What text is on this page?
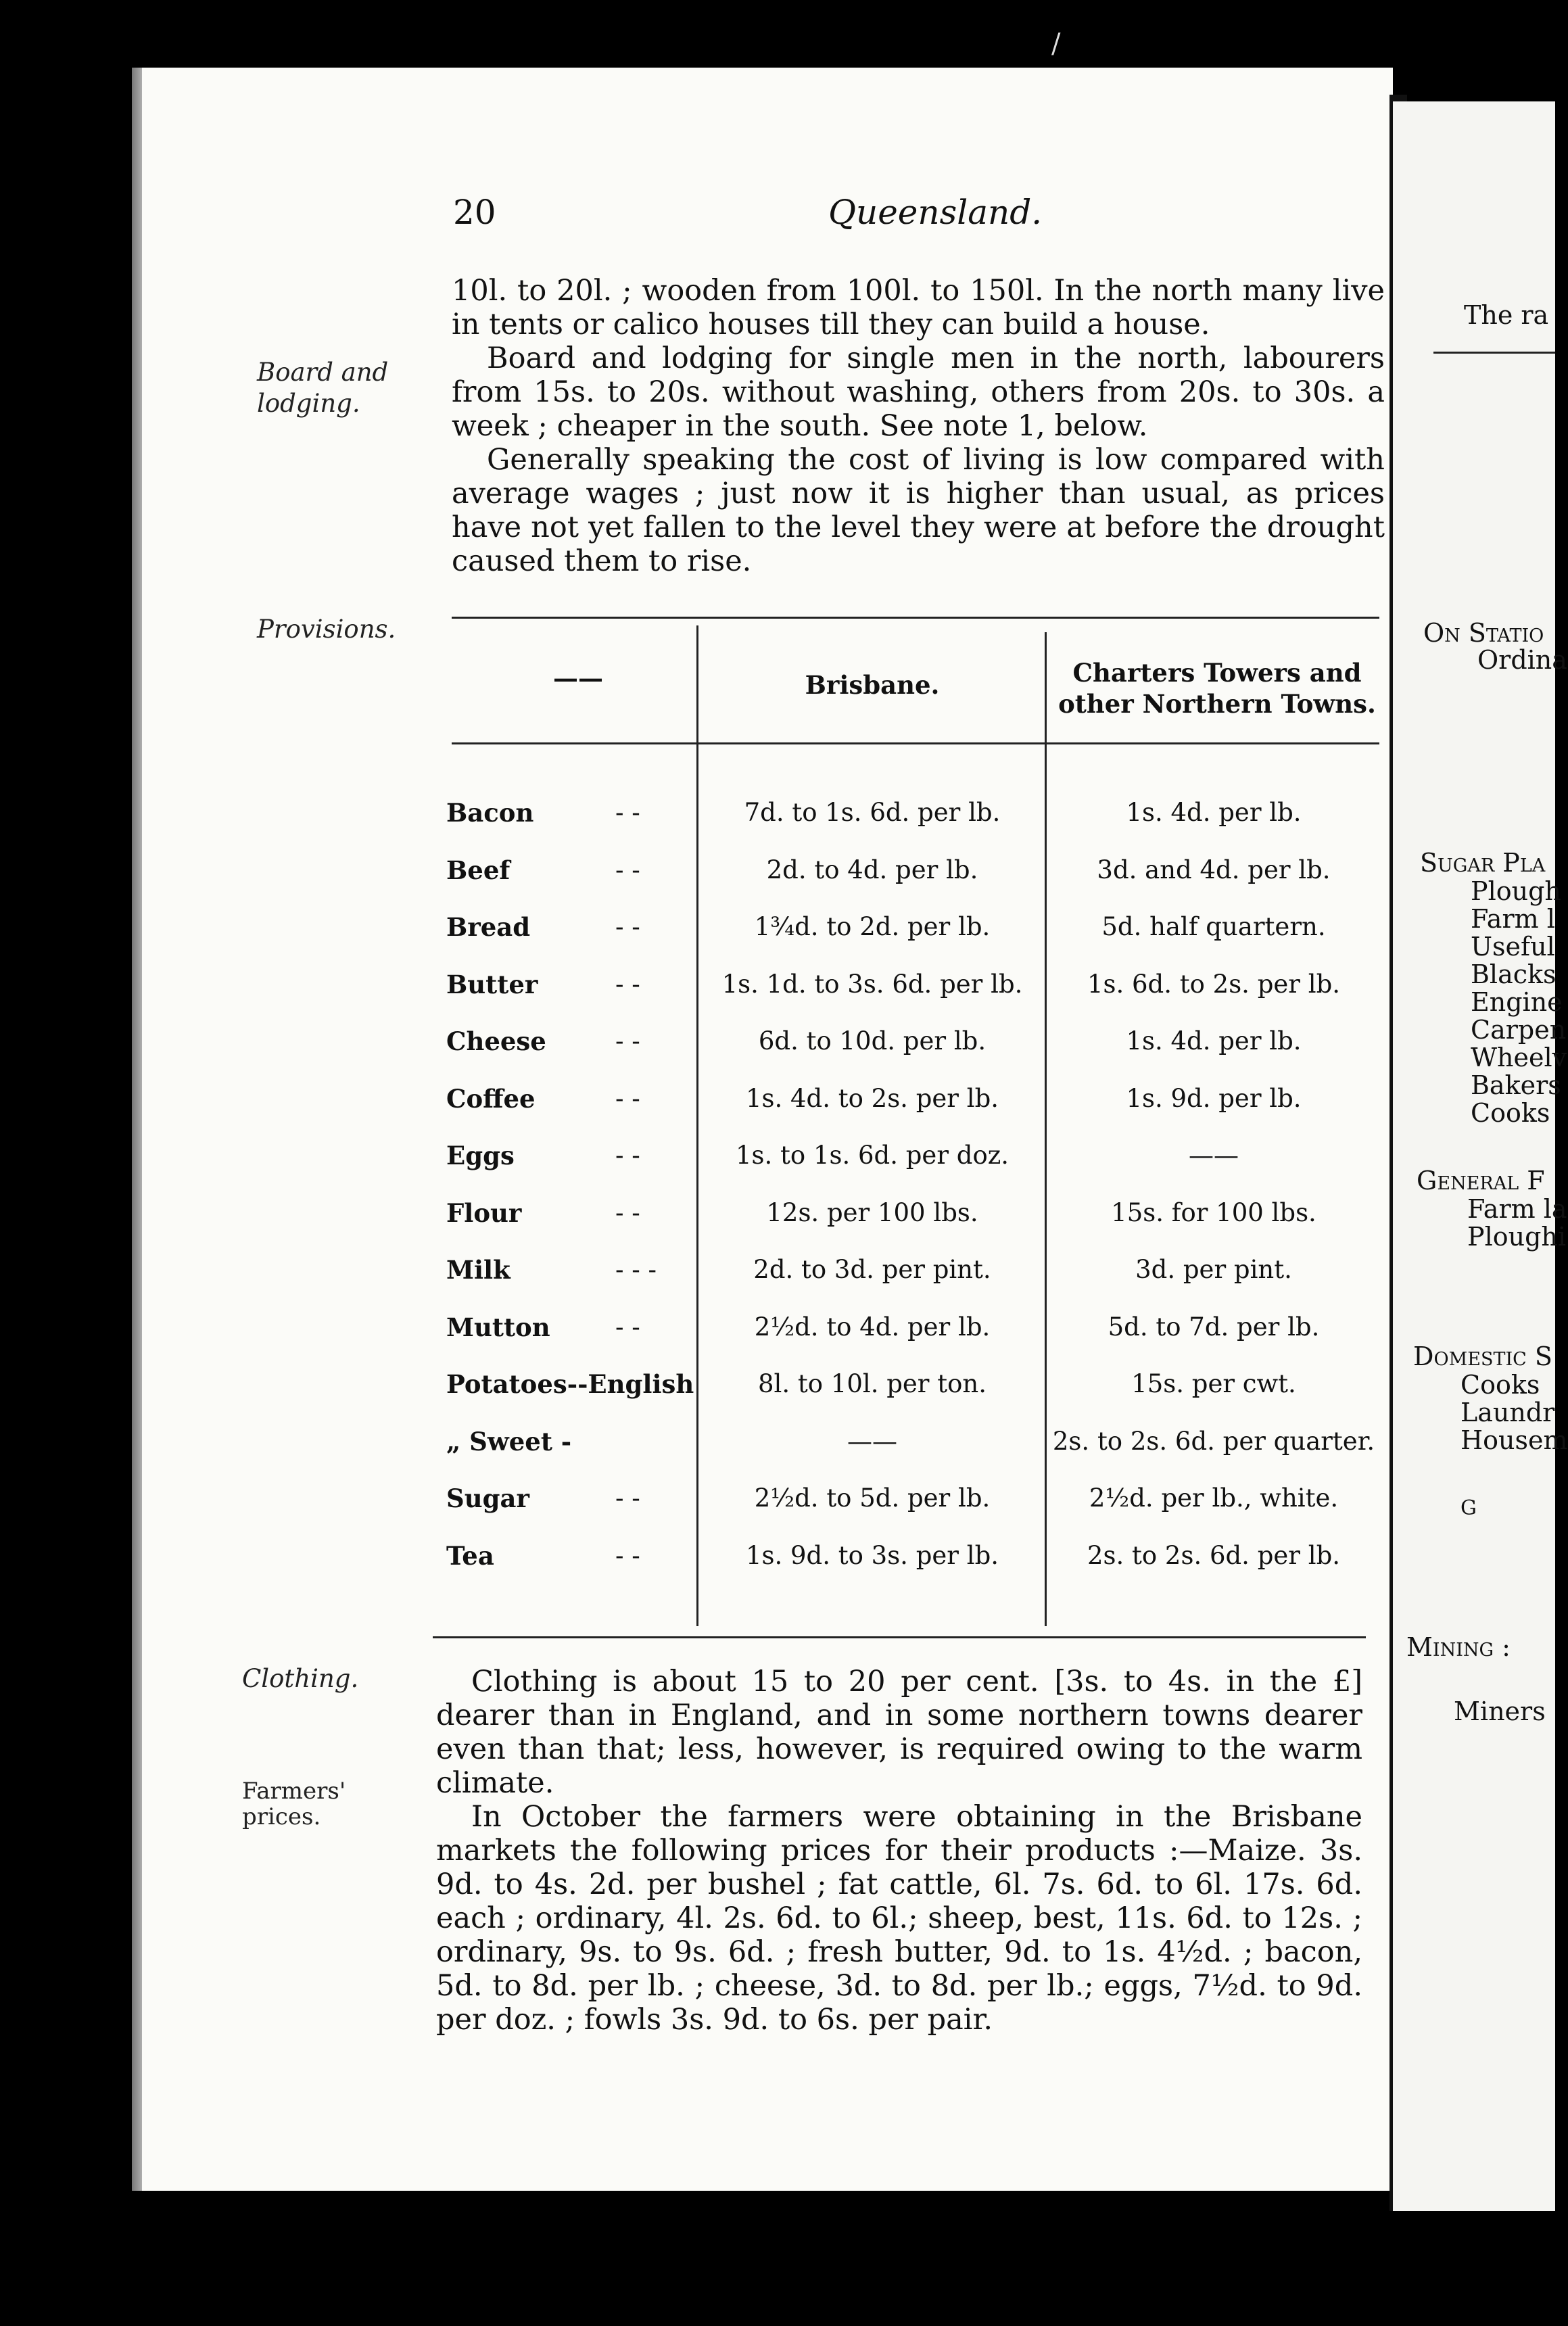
The ra
On Statio
Ordina
Sugar Pla
Plough
Farm l
Useful
Blacks
Engine
Carpen
Wheelv
Bakers
Cooks
General F
Farm la
Ploughi
Domestic S
Cooks
Laundr
Housem
G
Mining :
Miners
/
20	Queensland.
Board and lodging.
Provisions.
Clothing.
Farmers' prices.

10l. to 20l. ; wooden from 100l. to 150l. In the north many live in tents or calico houses till they can build a house.

Board and lodging for single men in the north, labourers from 15s. to 20s. without washing, others from 20s. to 30s. a week ; cheaper in the south. See note 1, below.

Generally speaking the cost of living is low compared with average wages ; just now it is higher than usual, as prices have not yet fallen to the level they were at before the drought caused them to rise.

——	Brisbane.	Charters Towers and other Northern Towns.
Bacon	- -	7d. to 1s. 6d. per lb.	1s. 4d. per lb.
Beef	- -	2d. to 4d. per lb.	3d. and 4d. per lb.
Bread	- -	1¾d. to 2d. per lb.	5d. half quartern.
Butter	- -	1s. 1d. to 3s. 6d. per lb.	1s. 6d. to 2s. per lb.
Cheese	- -	6d. to 10d. per lb.	1s. 4d. per lb.
Coffee	- -	1s. 4d. to 2s. per lb.	1s. 9d. per lb.
Eggs	- -	1s. to 1s. 6d. per doz.	——
Flour	- -	12s. per 100 lbs.	15s. for 100 lbs.
Milk	- - -	2d. to 3d. per pint.	3d. per pint.
Mutton	- -	2½d. to 4d. per lb.	5d. to 7d. per lb.
Potatoes--English	8l. to 10l. per ton.	15s. per cwt.
„ Sweet -	——	2s. to 2s. 6d. per quarter.
Sugar	- -	2½d. to 5d. per lb.	2½d. per lb., white.
Tea	- -	1s. 9d. to 3s. per lb.	2s. to 2s. 6d. per lb.

Clothing is about 15 to 20 per cent. [3s. to 4s. in the £] dearer than in England, and in some northern towns dearer even than that; less, however, is required owing to the warm climate.

In October the farmers were obtaining in the Brisbane markets the following prices for their products :—Maize. 3s. 9d. to 4s. 2d. per bushel ; fat cattle, 6l. 7s. 6d. to 6l. 17s. 6d. each ; ordinary, 4l. 2s. 6d. to 6l.; sheep, best, 11s. 6d. to 12s. ; ordinary, 9s. to 9s. 6d. ; fresh butter, 9d. to 1s. 4½d. ; bacon, 5d. to 8d. per lb. ; cheese, 3d. to 8d. per lb.; eggs, 7½d. to 9d. per doz. ; fowls 3s. 9d. to 6s. per pair.
